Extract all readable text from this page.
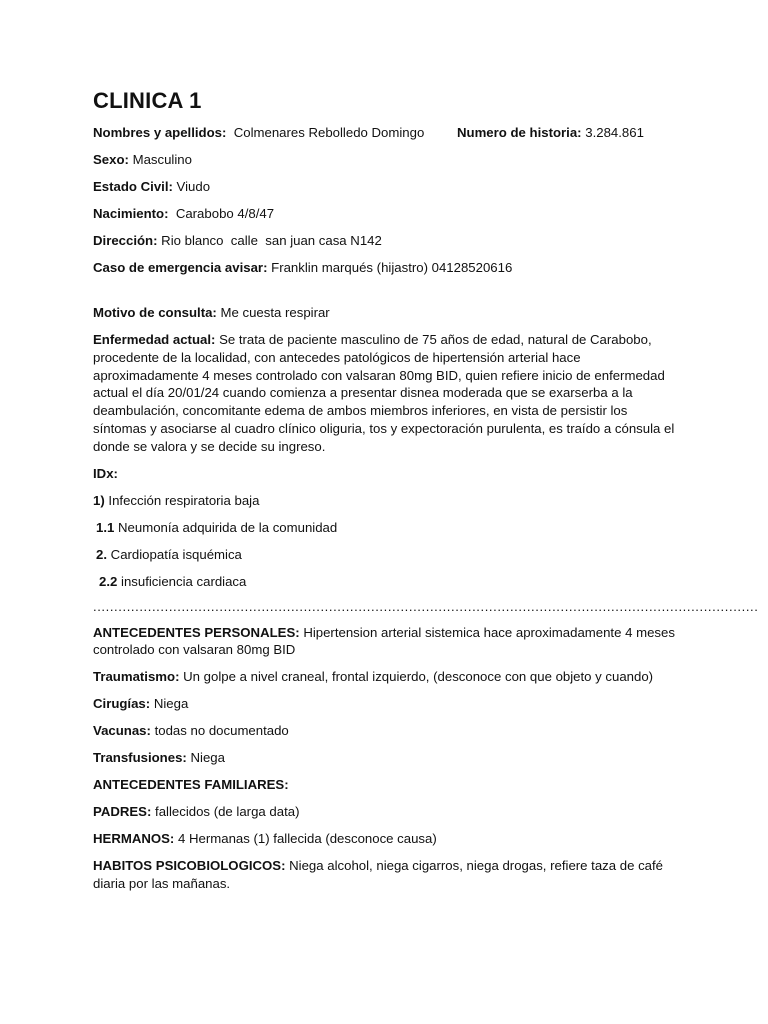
CLINICA 1
Nombres y apellidos: Colmenares Rebolledo Domingo	Numero de historia: 3.284.861
Sexo: Masculino
Estado Civil: Viudo
Nacimiento: Carabobo 4/8/47
Dirección: Rio blanco  calle  san juan casa N142
Caso de emergencia avisar: Franklin marqués (hijastro) 04128520616
Motivo de consulta: Me cuesta respirar
Enfermedad actual: Se trata de paciente masculino de 75 años de edad, natural de Carabobo, procedente de la localidad, con antecedes patológicos de hipertensión arterial hace aproximadamente 4 meses controlado con valsaran 80mg BID, quien refiere inicio de enfermedad actual el día 20/01/24 cuando comienza a presentar disnea moderada que se exarserba a la deambulación, concomitante edema de ambos miembros inferiores, en vista de persistir los síntomas y asociarse al cuadro clínico oliguria, tos y expectoración purulenta, es traído a cónsula el donde se valora y se decide su ingreso.
IDx:
1) Infección respiratoria baja
1.1 Neumonía adquirida de la comunidad
2. Cardiopatía isquémica
2.2 insuficiencia cardiaca
..............................................................................................................................................................
ANTECEDENTES PERSONALES: Hipertension arterial sistemica hace aproximadamente 4 meses controlado con valsaran 80mg BID
Traumatismo: Un golpe a nivel craneal, frontal izquierdo, (desconoce con que objeto y cuando)
Cirugías: Niega
Vacunas: todas no documentado
Transfusiones: Niega
ANTECEDENTES FAMILIARES:
PADRES: fallecidos (de larga data)
HERMANOS: 4 Hermanas (1) fallecida (desconoce causa)
HABITOS PSICOBIOLOGICOS: Niega alcohol, niega cigarros, niega drogas, refiere taza de café diaria por las mañanas.
